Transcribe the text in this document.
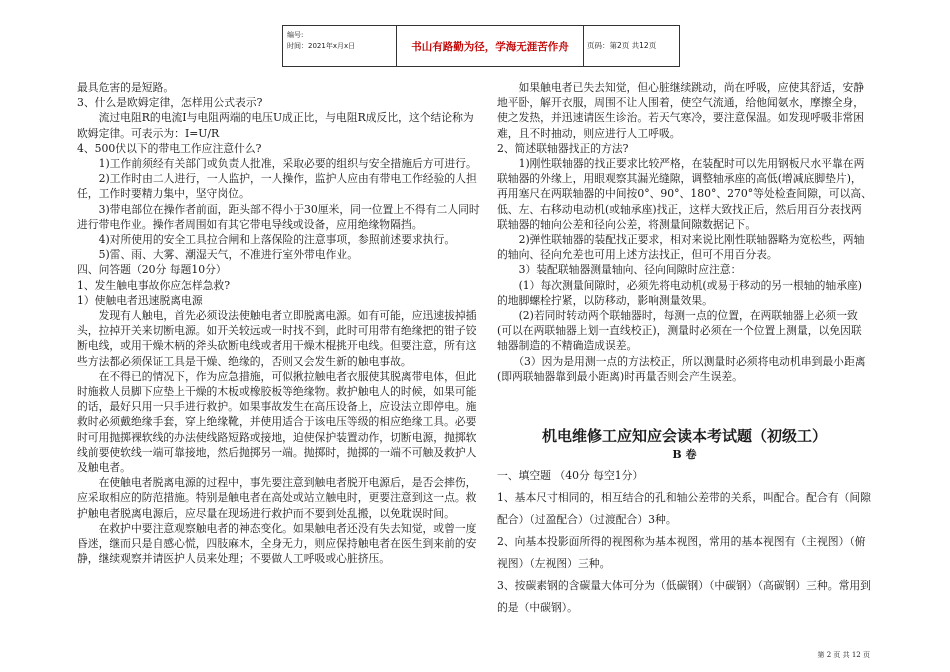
编号:
时间：2021年x月x日	书山有路勤为径，学海无涯苦作舟	页码：第2页 共12页

最具危害的是短路。

3、什么是欧姆定律，怎样用公式表示?

　　流过电阻R的电流I与电阻两端的电压U成正比，与电阻R成反比，这个结论称为欧姆定律。可表示为：I=U/R

4、500伏以下的带电工作应注意什么?

　　1)工作前须经有关部门或负责人批准，采取必要的组织与安全措施后方可进行。

　　2)工作时由二人进行，一人监护，一人操作，监护人应由有带电工作经验的人担任，工作时要精力集中，坚守岗位。

　　3)带电部位在操作者前面，距头部不得小于30厘米，同一位置上不得有二人同时进行带电作业。操作者周围如有其它带电导线或设备，应用绝缘物隔挡。

　　4)对所使用的安全工具拉合闸和上落保险的注意事项，参照前述要求执行。

　　5)雷、雨、大雾、潮湿天气，不准进行室外带电作业。

四、问答题（20分 每题10分）

1、发生触电事故你应怎样急救?

1）使触电者迅速脱离电源

　　发现有人触电，首先必须设法使触电者立即脱离电源。如有可能，应迅速拔掉插头，拉掉开关来切断电源。如开关较远或一时找不到，此时可用带有绝缘把的钳子铰断电线，或用干燥木柄的斧头砍断电线或者用干燥木棍挑开电线。但要注意，所有这些方法都必须保证工具是干燥、绝缘的，否则又会发生新的触电事故。

　　在不得已的情况下，作为应急措施，可似揪拉触电者衣服使其脱离带电体，但此时施救人员脚下应垫上干燥的木板或橡胶板等绝缘物。救护触电人的时候，如果可能的话，最好只用一只手进行救护。如果事故发生在高压设备上，应设法立即停电。施救时必须戴绝缘手套，穿上绝缘靴，并使用适合于该电压等级的相应绝缘工具。必要时可用抛掷裸软线的办法使线路短路或接地，迫使保护装置动作，切断电源，抛掷软线前要使软线一端可靠接地，然后抛掷另一端。抛掷时，抛掷的一端不可触及救护人及触电者。

　　在使触电者脱离电源的过程中，事先要注意到触电者脱开电源后，是否会摔伤，应采取相应的防范措施。特别是触电者在高处或站立触电时，更要注意到这一点。救护触电者脱离电源后，应尽量在现场进行救护而不要到处乱搬，以免耽误时间。

　　在救护中要注意观察触电者的神态变化。如果触电者还没有失去知觉，或曾一度昏迷，继而只是自感心慌，四肢麻木，全身无力，则应保持触电者在医生到来前的安静，继续观察并请医护人员来处理；不要做人工呼吸或心脏挤压。

　　如果触电者已失去知觉，但心脏继续跳动，尚在呼吸，应使其舒适，安静地平卧，解开衣服，周围不让人围着，使空气流通，给他闻氨水，摩擦全身，使之发热，并迅速请医生诊治。若天气寒冷，要注意保温。如发现呼吸非常困难，且不时抽动，则应进行人工呼吸。

2、简述联轴器找正的方法?

　　1)刚性联轴器的找正要求比较严格，在装配时可以先用钢板尺水平靠在两联轴器的外缘上，用眼观察其漏光缝隙，调整轴承座的高低(增减底脚垫片)，再用塞尺在两联轴器的中间按0°、90°、180°、270°等处检查间隙，可以高、低、左、右移动电动机(或轴承座)找正，这样大致找正后，然后用百分表找两联轴器的轴向公差和径向公差，将测量间隙数据记下。

　　2)弹性联轴器的装配找正要求，相对来说比刚性联轴器略为宽松些，两轴的轴向、径向允差也可用上述方法找正，但可不用百分表。

　　3）装配联轴器测量轴向、径向间隙时应注意：

　　(1）每次测量间隙时，必须先将电动机(或易于移动的另一根轴的轴承座)的地脚螺栓拧紧，以防移动，影响测量效果。

　　(2)若同时转动两个联轴器时，每测一点的位置，在两联轴器上必须一致(可以在两联轴器上划一直线校正)，测量时必须在一个位置上测量，以免因联轴器制造的不精确造成误差。

　　（3）因为是用测一点的方法校正，所以测量时必须将电动机串到最小距离(即两联轴器靠到最小距离)时再量否则会产生误差。

机电维修工应知应会读本考试题（初级工）
B 卷

一、填空题 （40分 每空1分）

1、基本尺寸相同的，相互结合的孔和轴公差带的关系，叫配合。配合有（间隙配合）（过盈配合）（过渡配合）3种。

2、向基本投影面所得的视图称为基本视图，常用的基本视图有（主视图）（俯视图）（左视图）三种。

3、按碳素钢的含碳量大体可分为（低碳钢）（中碳钢）（高碳钢）三种。常用到的是（中碳钢）。

第 2 页 共 12 页
